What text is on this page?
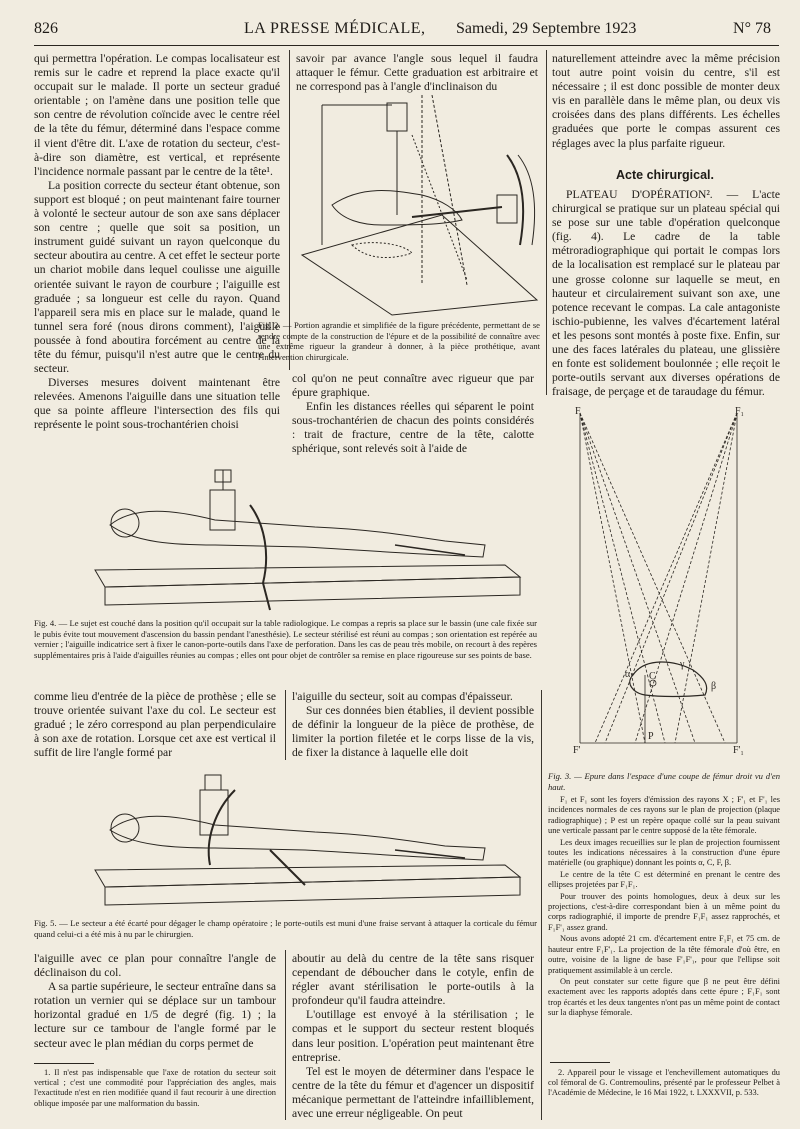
826	LA PRESSE MÉDICALE, Samedi, 29 Septembre 1923	N° 78

qui permettra l'opération. Le compas localisateur est remis sur le cadre et reprend la place exacte qu'il occupait sur le malade. Il porte un secteur gradué orientable ; on l'amène dans une position telle que son centre de révolution coïncide avec le centre réel de la tête du fémur, déterminé dans l'espace comme il vient d'être dit. L'axe de rotation du secteur, c'est-à-dire son diamètre, est vertical, et représente l'incidence normale passant par le centre de la tête¹.

La position correcte du secteur étant obtenue, son support est bloqué ; on peut maintenant faire tourner à volonté le secteur autour de son axe sans déplacer son centre ; quelle que soit sa position, un instrument guidé suivant un rayon quelconque du secteur aboutira au centre. A cet effet le secteur porte un chariot mobile dans lequel coulisse une aiguille orientée suivant le rayon de courbure ; l'aiguille est graduée ; sa longueur est celle du rayon. Quand l'appareil sera mis en place sur le malade, quand le tunnel sera foré (nous dirons comment), l'aiguille poussée à fond aboutira forcément au centre de la tête du fémur, puisqu'il n'est autre que le centre du secteur.

Diverses mesures doivent maintenant être relevées. Amenons l'aiguille dans une situation telle que sa pointe affleure l'intersection des fils qui représente le point sous-trochantérien choisi

savoir par avance l'angle sous lequel il faudra attaquer le fémur. Cette graduation est arbitraire et ne correspond pas à l'angle d'inclinaison du

Fig. 2. — Portion agrandie et simplifiée de la figure précédente, permettant de se rendre compte de la construction de l'épure et de la possibilité de connaître avec une extrême rigueur la grandeur à donner, à la pièce prothétique, avant l'intervention chirurgicale.

col qu'on ne peut connaître avec rigueur que par épure graphique.

Enfin les distances réelles qui séparent le point sous-trochantérien de chacun des points considérés : trait de fracture, centre de la tête, calotte sphérique, sont relevés soit à l'aide de

naturellement atteindre avec la même précision tout autre point voisin du centre, s'il est nécessaire ; il est donc possible de monter deux vis en parallèle dans le même plan, ou deux vis croisées dans des plans différents. Les échelles graduées que porte le compas assurent ces réglages avec la plus parfaite rigueur.

Acte chirurgical.

PLATEAU D'OPÉRATION². — L'acte chirurgical se pratique sur un plateau spécial qui se pose sur une table d'opération quelconque (fig. 4). Le cadre de la table métroradiographique qui portait le compas lors de la localisation est remplacé sur le plateau par une grosse colonne sur laquelle se meut, en hauteur et circulairement suivant son axe, une potence recevant le compas. La cale antagoniste ischio-pubienne, les valves d'écartement latéral et les pesons sont montés à poste fixe. Enfin, sur une des faces latérales du plateau, une glissière en fonte est solidement boulonnée ; elle reçoit le porte-outils servant aux diverses opérations de fraisage, de perçage et de taraudage du fémur.

F	F₁
F'	F'₁
C
α
β
γ
P

Fig. 3. — Epure dans l'espace d'une coupe de fémur droit vu d'en haut.

F₁ et F₁ sont les foyers d'émission des rayons X ; F'₁ et F'₁ les incidences normales de ces rayons sur le plan de projection (plaque radiographique) ; P est un repère opaque collé sur la peau suivant une verticale passant par le centre supposé de la tête fémorale.

Les deux images recueillies sur le plan de projection fournissent toutes les indications nécessaires à la construction d'une épure matérielle (ou graphique) donnant les points α, C, F, β.

Le centre de la tête C est déterminé en prenant le centre des ellipses projetées par F₁F₁.

Pour trouver des points homologues, deux à deux sur les projections, c'est-à-dire correspondant bien à un même point du corps radiographié, il importe de prendre F₁F₁ assez rapprochés, et F₁F'₁ assez grand.

Nous avons adopté 21 cm. d'écartement entre F₁F₁ et 75 cm. de hauteur entre F₁F'₁. La projection de la tête fémorale d'où être, en outre, voisine de la ligne de base F'₁F'₁, pour que l'ellipse soit pratiquement assimilable à un cercle.

On peut constater sur cette figure que β ne peut être défini exactement avec les rapports adoptés dans cette épure ; F₁F₁ sont trop écartés et les deux tangentes n'ont pas un même point de contact sur la diaphyse fémorale.

Fig. 4. — Le sujet est couché dans la position qu'il occupait sur la table radiologique. Le compas a repris sa place sur le bassin (une cale fixée sur le pubis évite tout mouvement d'ascension du bassin pendant l'anesthésie). Le secteur stérilisé est réuni au compas ; son orientation est repérée au vernier ; l'aiguille indicatrice sert à fixer le canon-porte-outils dans l'axe de perforation. Dans les cas de peau très mobile, on recourt à des repères supplémentaires pris à l'aide d'aiguilles réunies au compas ; elles ont pour objet de contrôler sa remise en place rigoureuse sur ses points de base.

comme lieu d'entrée de la pièce de prothèse ; elle se trouve orientée suivant l'axe du col. Le secteur est gradué ; le zéro correspond au plan perpendiculaire à son axe de rotation. Lorsque cet axe est vertical il suffit de lire l'angle formé par

l'aiguille du secteur, soit au compas d'épaisseur.

Sur ces données bien établies, il devient possible de définir la longueur de la pièce de prothèse, de limiter la portion filetée et le corps lisse de la vis, de fixer la distance à laquelle elle doit

Fig. 5. — Le secteur a été écarté pour dégager le champ opératoire ; le porte-outils est muni d'une fraise servant à attaquer la corticale du fémur quand celui-ci a été mis à nu par le chirurgien.

l'aiguille avec ce plan pour connaître l'angle de déclinaison du col.

A sa partie supérieure, le secteur entraîne dans sa rotation un vernier qui se déplace sur un tambour horizontal gradué en 1/5 de degré (fig. 1) ; la lecture sur ce tambour de l'angle formé par le secteur avec le plan médian du corps permet de

1. Il n'est pas indispensable que l'axe de rotation du secteur soit vertical ; c'est une commodité pour l'appréciation des angles, mais l'exactitude n'est en rien modifiée quand il faut recourir à une direction oblique imposée par une malformation du bassin.

aboutir au delà du centre de la tête sans risquer cependant de déboucher dans le cotyle, enfin de régler avant stérilisation le porte-outils à la profondeur qu'il faudra atteindre.

L'outillage est envoyé à la stérilisation ; le compas et le support du secteur restent bloqués dans leur position. L'opération peut maintenant être entreprise.

Tel est le moyen de déterminer dans l'espace le centre de la tête du fémur et d'agencer un dispositif mécanique permettant de l'atteindre infailliblement, avec une erreur négligeable. On peut

2. Appareil pour le vissage et l'enchevillement automatiques du col fémoral de G. Contremoulins, présenté par le professeur Pelbet à l'Académie de Médecine, le 16 Mai 1922, t. LXXXVII, p. 533.
